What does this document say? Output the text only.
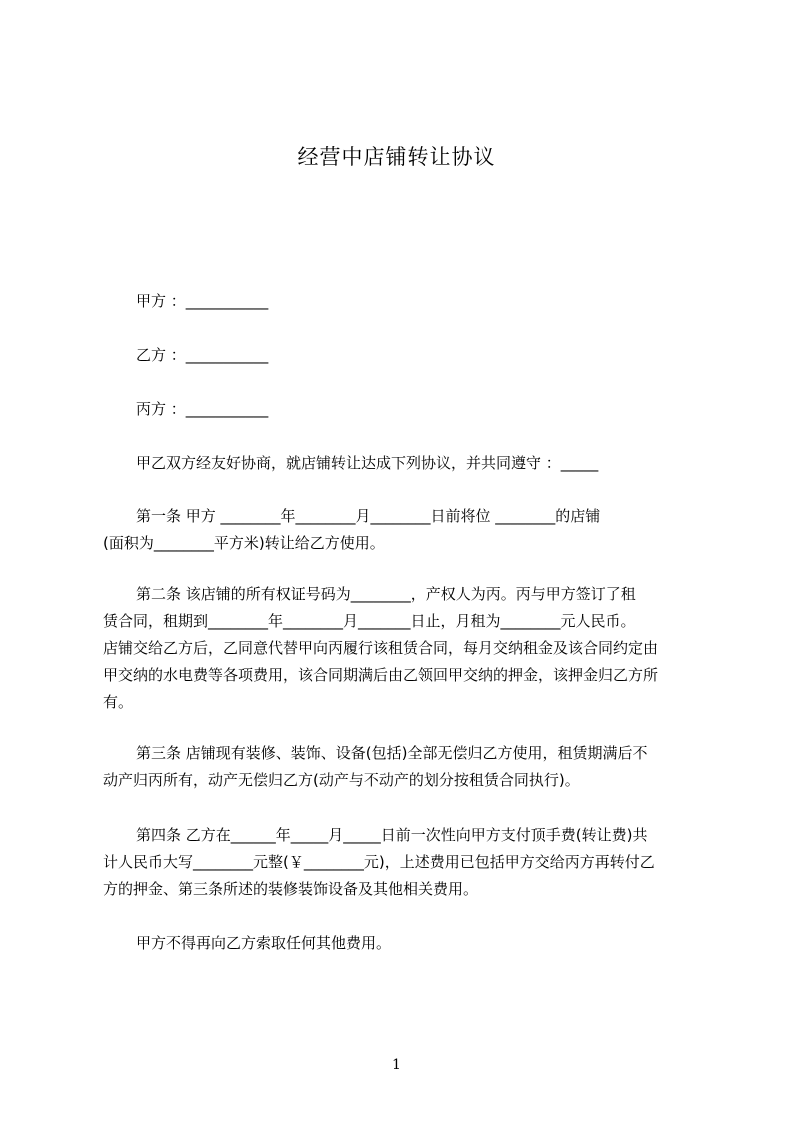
经营中店铺转让协议
甲方 ：___________
乙方 ：___________
丙方 ：___________
甲乙双方经友好协商，就店铺转让达成下列协议，并共同遵守 ：_____
第一条 甲方 ________年________月________日前将位 ________的店铺
(面积为________平方米)转让给乙方使用。
第二条 该店铺的所有权证号码为________，产权人为丙。丙与甲方签订了租
赁合同，租期到________年________月_______日止，月租为________元人民币。
店铺交给乙方后，乙同意代替甲向丙履行该租赁合同，每月交纳租金及该合同约定由
甲交纳的水电费等各项费用，该合同期满后由乙领回甲交纳的押金，该押金归乙方所
有。
第三条 店铺现有装修、装饰、设备(包括)全部无偿归乙方使用，租赁期满后不
动产归丙所有，动产无偿归乙方(动产与不动产的划分按租赁合同执行)。
第四条 乙方在______年_____月_____日前一次性向甲方支付顶手费(转让费)共
计人民币大写________元整(￥________元)，上述费用已包括甲方交给丙方再转付乙
方的押金、第三条所述的装修装饰设备及其他相关费用。
甲方不得再向乙方索取任何其他费用。
1
